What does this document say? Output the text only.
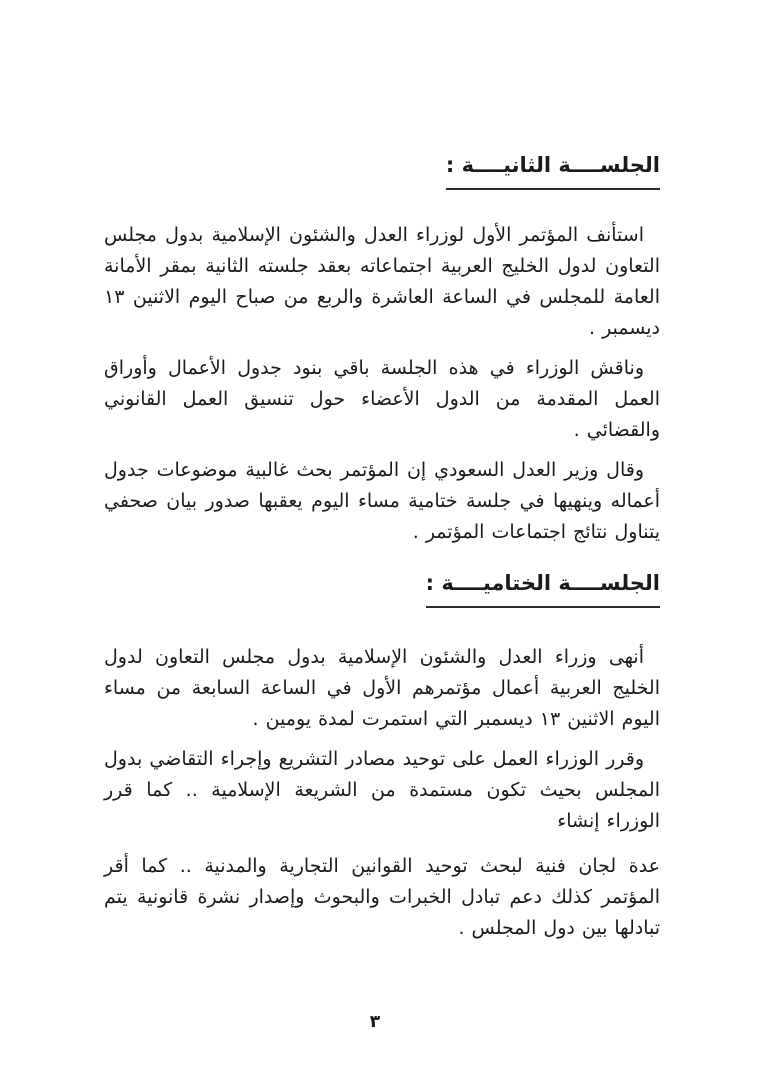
الجلســــة الثانيــــة :

استأنف المؤتمر الأول لوزراء العدل والشئون الإسلامية بدول مجلس التعاون لدول الخليج العربية اجتماعاته بعقد جلسته الثانية بمقر الأمانة العامة للمجلس في الساعة العاشرة والربع من صباح اليوم الاثنين ١٣ ديسمبر .

وناقش الوزراء في هذه الجلسة باقي بنود جدول الأعمال وأوراق العمل المقدمة من الدول الأعضاء حول تنسيق العمل القانوني والقضائي .

وقال وزير العدل السعودي إن المؤتمر بحث غالبية موضوعات جدول أعماله وينهيها في جلسة ختامية مساء اليوم يعقبها صدور بيان صحفي يتناول نتائج اجتماعات المؤتمر .

الجلســــة الختاميــــة :

أنهى وزراء العدل والشئون الإسلامية بدول مجلس التعاون لدول الخليج العربية أعمال مؤتمرهم الأول في الساعة السابعة من مساء اليوم الاثنين ١٣ ديسمبر التي استمرت لمدة يومين .

وقرر الوزراء العمل على توحيد مصادر التشريع وإجراء التقاضي بدول المجلس بحيث تكون مستمدة من الشريعة الإسلامية .. كما قرر الوزراء إنشاء

عدة لجان فنية لبحث توحيد القوانين التجارية والمدنية .. كما أقر المؤتمر كذلك دعم تبادل الخبرات والبحوث وإصدار نشرة قانونية يتم تبادلها بين دول المجلس .

٣
